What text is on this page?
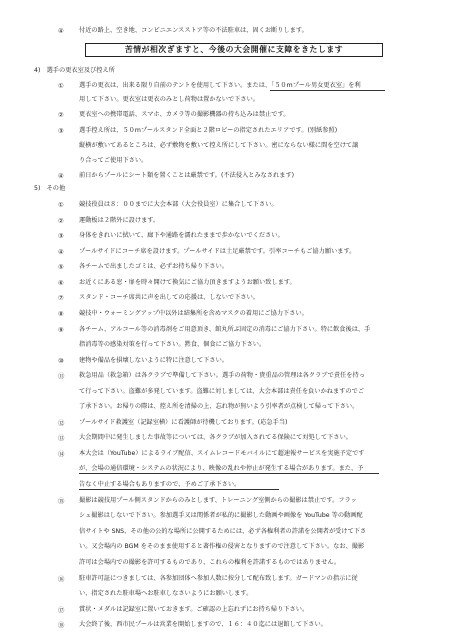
④ 付近の路上、空き地、コンビニエンスストア等の不法駐車は、固くお断りします。
苦情が相次ぎますと、今後の大会開催に支障をきたします
4)　選手の更衣室及び控え所
① 選手の更衣は、出来る限り自前のテントを使用して下さい。または、「５０mプール男女更衣室」を利
用して下さい。更衣室は更衣のみとし荷物は置かないで下さい。
② 更衣室への携帯電話、スマホ、カメラ等の撮影機器の持ち込みは禁止です。
③ 選手控え所は、５０mプールスタンド全面と２階ロビーの指定されたエリアです。(別紙参照)
縦横が敷いてあるところは、必ず敷物を敷いて控え所にして下さい。密にならない様に間を空けて譲
り合ってご使用下さい。
④ 前日からプールにシート類を置くことは厳禁です。(不法侵入とみなされます)
5)　その他
① 競技役員は８：００までに大会本部（大会役員室）に集合して下さい。
② 運動板は２階外に設けます。
③ 身体をきれいに拭いて、廊下や通路を濡れたままで歩かないでください。
④ プールサイドにコーチ席を設けます。プールサイドは土足厳禁です。引率コーチもご協力願います。
⑤ 各チームで出ましたゴミは、必ずお持ち帰り下さい。
⑥ お近くにある窓・扉を時々開けて換気にご協力頂きますようお願い致します。
⑦ スタンド・コーチ席共に声を出しての応援は、しないで下さい。
⑧ 競技中・ウォーミングアップ中以外は結集所を含めマスクの着用にご協力下さい。
⑨ 各チーム、アルコール等の消毒剤をご用意頂き、館丸所ぶ固定の消毒にご協力下さい。特に飲食後は、手
指消毒等の感染対策を行って下さい。黙食、個食にご協力下さい。
⑩ 建物や備品を損壊しないように特に注意して下さい。
⑪ 救急用品（救急箱）は各クラブで準備して下さい。選手の荷物・貴重品の管理は各クラブで責任を持っ
て行って下さい。盗難が多発しています。盗難に対しましては、大会本部は責任を負いかねますのでご
了承下さい。お帰りの際は、控え所を清掃の上、忘れ物が無いよう引率者が点検して帰って下さい。
⑫ プールサイド救護室（記録室横）に看護師が待機しております。(応急手当)
⑬ 大会期間中に発生しました事故等については、各クラブが加入されてる保険にて対処して下さい。
⑭ 本大会は（YouTube）によるライブ配信、スイムレコードモバイルにて超速報サービスを実施予定です
が、会場の通信環境・システムの状況により、映像の乱れや停止が発生する場合があります。また、予
告なく中止する場合もありますので、予めご了承下さい。
⑮ 撮影は競技用プール側スタンドからのみとします、トレーニング室側からの撮影は禁止です。フラッ
シュ撮影はしないで下さい。参加選手又は関係者が私的に撮影した動画や画像を YouTube 等の動画配
信サイトや SNS、その他の公的な場所に公開するためには、必ず各権利者の許諾を公開者が受けて下さ
い。又会場内の BGM をそのまま使用すると著作権の侵害となりますので注意して下さい。なお、撮影
許可は会場内での撮影を許可するものであり、これらの権利を許諾するものではありません。
⑯ 駐車許可証につきましては、各参加団体へ参加人数に按分して配布致します。ガードマンの指示に従
い、指定された駐車場へお駐車しなさいようにお願いします。
⑰ 賞状・メダルは記録室に置いておきます。ご確認の上忘れずにお持ち帰り下さい。
⑱ 大会終了後、西市民プールは営業を開始しますので、１６：４０迄には退館して下さい。
